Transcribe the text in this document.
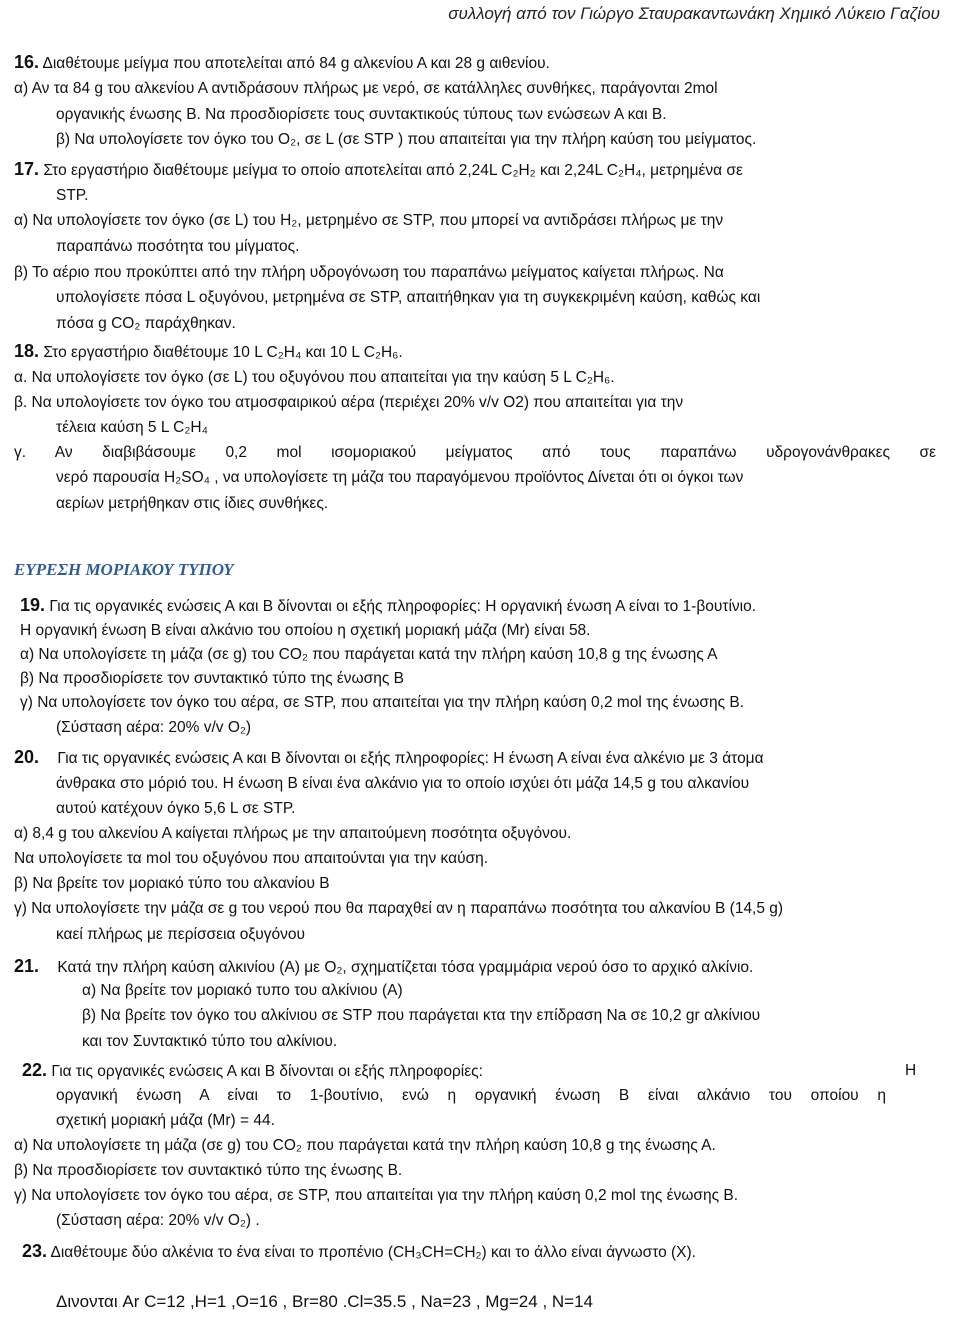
συλλογή από τον Γιώργο Σταυρακαντωνάκη Χημικό Λύκειο Γαζίου
16. Διαθέτουμε μείγμα που αποτελείται από 84 g αλκενίου Α και 28 g αιθενίου.
α) Αν τα 84 g του αλκενίου Α αντιδράσουν πλήρως με νερό, σε κατάλληλες συνθήκες, παράγονται 2mol
οργανικής ένωσης Β. Να προσδιορίσετε τους συντακτικούς τύπους των ενώσεων Α και Β.
β) Να υπολογίσετε τον όγκο του O₂, σε L (σε STP ) που απαιτείται για την πλήρη καύση του μείγματος.
17. Στο εργαστήριο διαθέτουμε μείγμα το οποίο αποτελείται από 2,24L C₂H₂ και 2,24L C₂H₄, μετρημένα σε
STP.
α) Να υπολογίσετε τον όγκο (σε L) του H₂, μετρημένο σε STP, που μπορεί να αντιδράσει πλήρως με την
παραπάνω ποσότητα του μίγματος.
β) Το αέριο που προκύπτει από την πλήρη υδρογόνωση του παραπάνω μείγματος καίγεται πλήρως. Να
υπολογίσετε πόσα L οξυγόνου, μετρημένα σε STP, απαιτήθηκαν για τη συγκεκριμένη καύση, καθώς και
πόσα g CO₂ παράχθηκαν.
18. Στο εργαστήριο διαθέτουμε 10 L C₂H₄ και 10 L C₂H₆.
α. Να υπολογίσετε τον όγκο (σε L) του οξυγόνου που απαιτείται για την καύση 5 L C₂H₆.
β. Να υπολογίσετε τον όγκο του ατμοσφαιρικού αέρα (περιέχει 20% v/v O2) που απαιτείται για την
τέλεια καύση 5 L C₂H₄
γ. Αν διαβιβάσουμε 0,2 mol ισομοριακού μείγματος από τους παραπάνω υδρογονάνθρακες σε
νερό παρουσία H₂SO₄ , να υπολογίσετε τη μάζα του παραγόμενου προϊόντος Δίνεται ότι οι όγκοι των
αερίων μετρήθηκαν στις ίδιες συνθήκες.
ΕΥΡΕΣΗ ΜΟΡΙΑΚΟΥ ΤΥΠΟΥ
19. Για τις οργανικές ενώσεις Α και Β δίνονται οι εξής πληροφορίες: Η οργανική ένωση Α είναι το 1-βουτίνιο.
Η οργανική ένωση Β είναι αλκάνιο του οποίου η σχετική μοριακή μάζα (Mr) είναι 58.
α) Να υπολογίσετε τη μάζα (σε g) του CO₂ που παράγεται κατά την πλήρη καύση 10,8 g της ένωσης Α
β) Να προσδιορίσετε τον συντακτικό τύπο της ένωσης Β
γ) Να υπολογίσετε τον όγκο του αέρα, σε STP, που απαιτείται για την πλήρη καύση 0,2 mol της ένωσης Β.
(Σύσταση αέρα: 20% v/v O₂)
20. Για τις οργανικές ενώσεις Α και Β δίνονται οι εξής πληροφορίες: Η ένωση Α είναι ένα αλκένιο με 3 άτομα
άνθρακα στο μόριό του. Η ένωση Β είναι ένα αλκάνιο για το οποίο ισχύει ότι μάζα 14,5 g του αλκανίου
αυτού κατέχουν όγκο 5,6 L σε STP.
α) 8,4 g του αλκενίου Α καίγεται πλήρως με την απαιτούμενη ποσότητα οξυγόνου.
Να υπολογίσετε τα mol του οξυγόνου που απαιτούνται για την καύση.
β) Να βρείτε τον μοριακό τύπο του αλκανίου Β
γ) Να υπολογίσετε την μάζα σε g του νερού που θα παραχθεί αν η παραπάνω ποσότητα του αλκανίου Β (14,5 g)
καεί πλήρως με περίσσεια οξυγόνου
21. Κατά την πλήρη καύση αλκινίου (Α) με O₂, σχηματίζεται τόσα γραμμάρια νερού όσο το αρχικό αλκίνιο.
α) Να βρείτε τον μοριακό τυπο του αλκίνιου (Α)
β) Να βρείτε τον όγκο του αλκίνιου σε STP που παράγεται κτα την επίδραση Na σε 10,2 gr αλκίνιου
και τον Συντακτικό τύπο του αλκίνιου.
22. Για τις οργανικές ενώσεις Α και Β δίνονται οι εξής πληροφορίες:	Η
οργανική ένωση Α είναι το 1-βουτίνιο, ενώ η οργανική ένωση Β είναι αλκάνιο του οποίου η
σχετική μοριακή μάζα (Mr) = 44.
α) Να υπολογίσετε τη μάζα (σε g) του CO₂ που παράγεται κατά την πλήρη καύση 10,8 g της ένωσης Α.
β) Να προσδιορίσετε τον συντακτικό τύπο της ένωσης Β.
γ) Να υπολογίσετε τον όγκο του αέρα, σε STP, που απαιτείται για την πλήρη καύση 0,2 mol της ένωσης Β.
(Σύσταση αέρα: 20% v/v O₂) .
23. Διαθέτουμε δύο αλκένια το ένα είναι το προπένιο (CH₃CH=CH₂) και το άλλο είναι άγνωστο (Χ).
Δινονται Ar C=12 ,H=1 ,O=16 , Br=80 .Cl=35.5 , Na=23 , Mg=24 , N=14
